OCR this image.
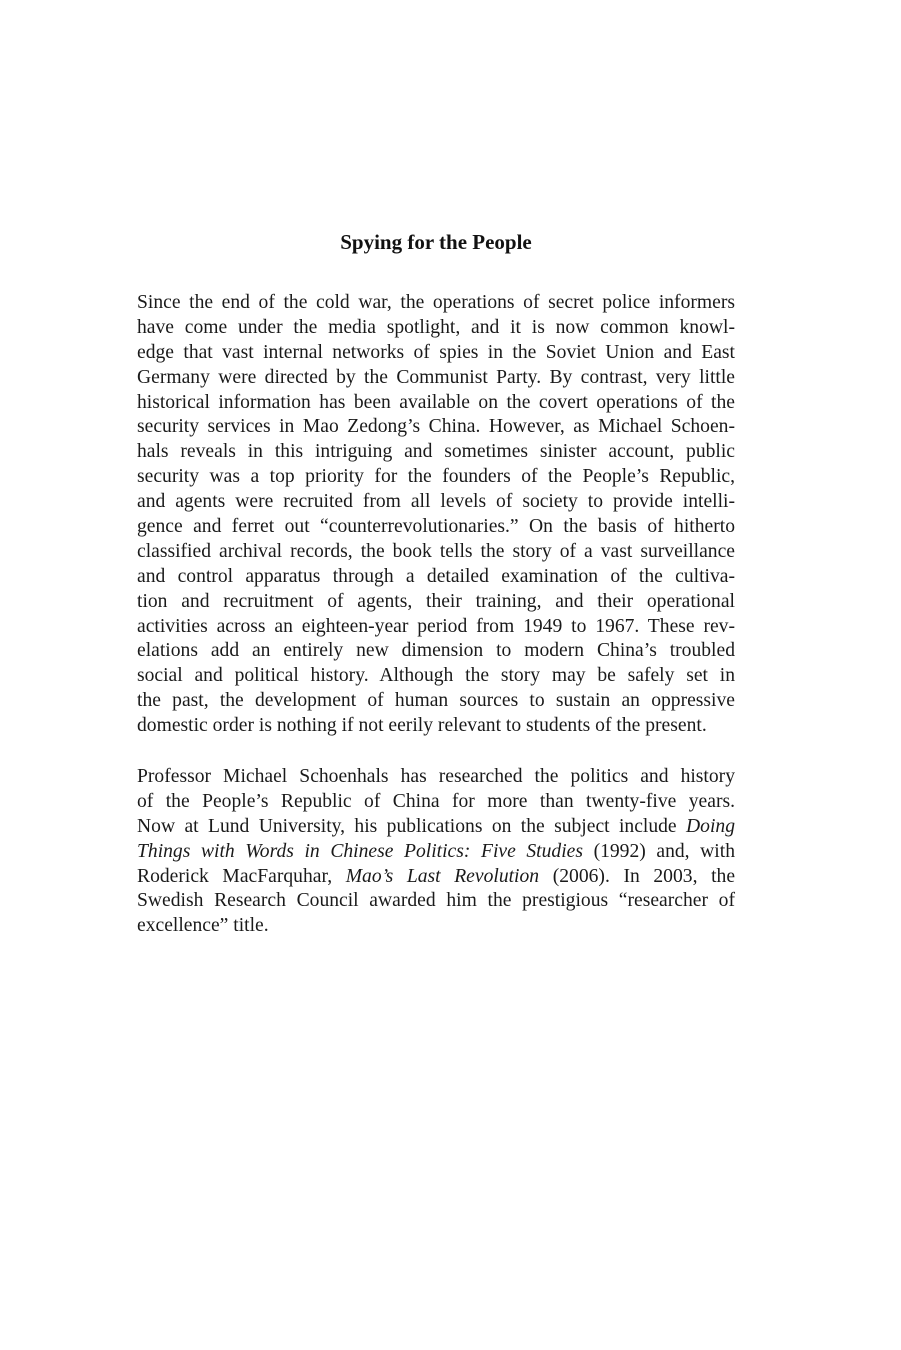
Spying for the People
Since the end of the cold war, the operations of secret police informers
have come under the media spotlight, and it is now common knowl-
edge that vast internal networks of spies in the Soviet Union and East
Germany were directed by the Communist Party. By contrast, very little
historical information has been available on the covert operations of the
security services in Mao Zedong’s China. However, as Michael Schoen-
hals reveals in this intriguing and sometimes sinister account, public
security was a top priority for the founders of the People’s Republic,
and agents were recruited from all levels of society to provide intelli-
gence and ferret out “counterrevolutionaries.” On the basis of hitherto
classified archival records, the book tells the story of a vast surveillance
and control apparatus through a detailed examination of the cultiva-
tion and recruitment of agents, their training, and their operational
activities across an eighteen-year period from 1949 to 1967. These rev-
elations add an entirely new dimension to modern China’s troubled
social and political history. Although the story may be safely set in
the past, the development of human sources to sustain an oppressive
domestic order is nothing if not eerily relevant to students of the present.
Professor Michael Schoenhals has researched the politics and history
of the People’s Republic of China for more than twenty-five years.
Now at Lund University, his publications on the subject include Doing
Things with Words in Chinese Politics: Five Studies (1992) and, with
Roderick MacFarquhar, Mao’s Last Revolution (2006). In 2003, the
Swedish Research Council awarded him the prestigious “researcher of
excellence” title.
